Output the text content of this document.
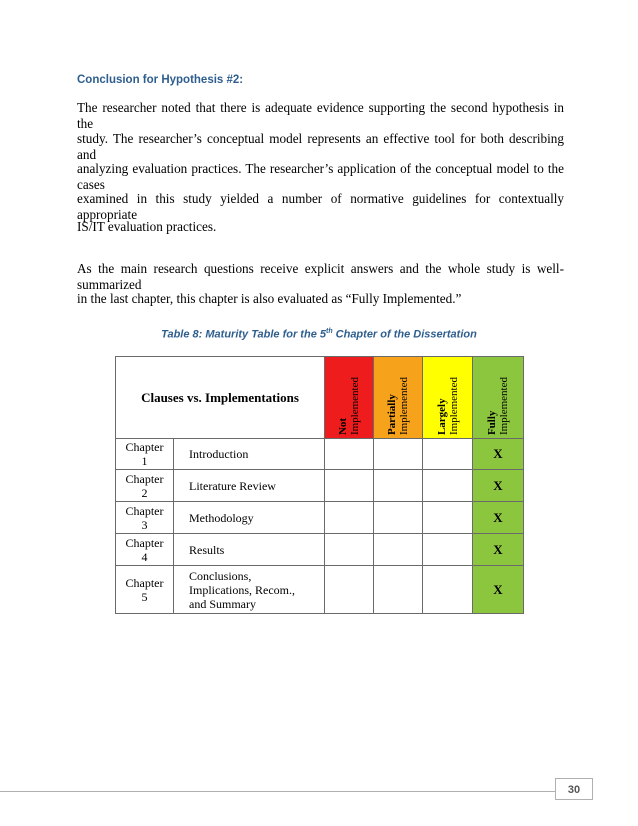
Conclusion for Hypothesis #2:
The researcher noted that there is adequate evidence supporting the second hypothesis in the
study. The researcher’s conceptual model represents an effective tool for both describing and
analyzing evaluation practices. The researcher’s application of the conceptual model to the cases
examined in this study yielded a number of normative guidelines for contextually appropriate
IS/IT evaluation practices.
As the main research questions receive explicit answers and the whole study is well-summarized
in the last chapter, this chapter is also evaluated as “Fully Implemented.”
Table 8: Maturity Table for the 5th Chapter of the Dissertation
Clauses vs. Implementations		Not
Implemented	Partially
Implemented	Largely
Implemented	Fully
Implemented

Chapter
1	Introduction				X
Chapter
2	Literature Review				X
Chapter
3	Methodology				X
Chapter
4	Results				X
Chapter
5	Conclusions,
Implications, Recom.,
and Summary				X
30
